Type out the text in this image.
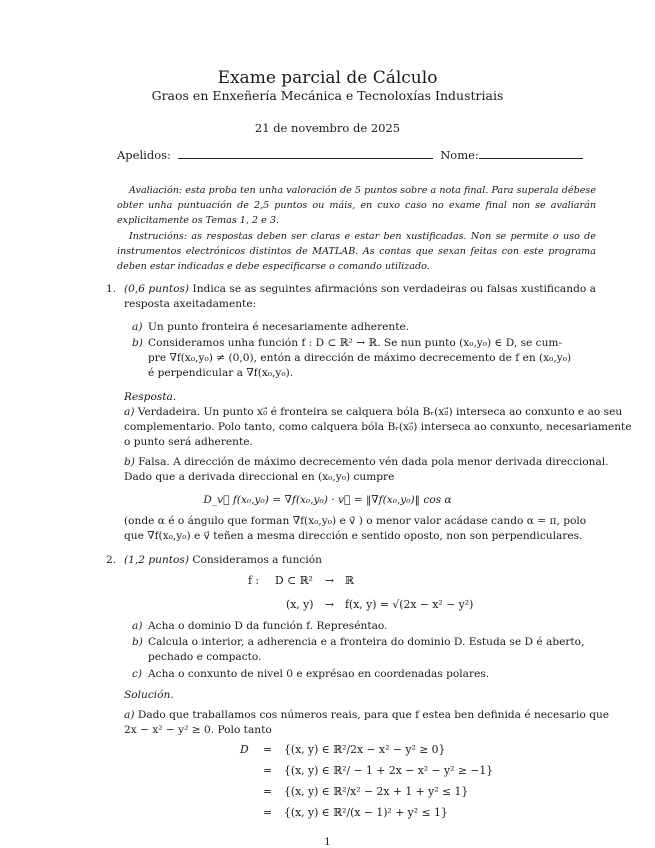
Exame parcial de Cálculo
Graos en Enxeñería Mecánica e Tecnoloxías Industriais
21 de novembro de 2025
Apelidos:	Nome:
Avaliación: esta proba ten unha valoración de 5 puntos sobre a nota final. Para superala débese obter unha puntuación de 2,5 puntos ou máis, en cuxo caso no exame final non se avaliarán explicitamente os Temas 1, 2 e 3.
Instrucións: as respostas deben ser claras e estar ben xustificadas. Non se permite o uso de instrumentos electrónicos distintos de MATLAB. As contas que sexan feitas con este programa deben estar indicadas e debe especificarse o comando utilizado.
1. (0,6 puntos) Indica se as seguintes afirmacións son verdadeiras ou falsas xustificando a resposta axeitadamente:
a) Un punto fronteira é necesariamente adherente.
b) Consideramos unha función f : D ⊂ ℝ² → ℝ. Se nun punto (x₀,y₀) ∈ D, se cum-
pre ∇f(x₀,y₀) ≠ (0,0), entón a dirección de máximo decrecemento de f en (x₀,y₀)
é perpendicular a ∇f(x₀,y₀).
Resposta.
a) Verdadeira. Un punto x₀⃗ é fronteira se calquera bóla Bᵣ(x₀⃗) interseca ao conxunto e ao seu
complementario. Polo tanto, como calquera bóla Bᵣ(x₀⃗) interseca ao conxunto, necesariamente
o punto será adherente.
b) Falsa. A dirección de máximo decrecemento vén dada pola menor derivada direccional.
Dado que a derivada direccional en (x₀,y₀) cumpre
D_v⃗ f(x₀,y₀) = ∇f(x₀,y₀) · v⃗ = ‖∇f(x₀,y₀)‖ cos α
(onde α é o ángulo que forman ∇f(x₀,y₀) e v⃗ ) o menor valor acádase cando α = π, polo
que ∇f(x₀,y₀) e v⃗ teñen a mesma dirección e sentido oposto, non son perpendiculares.
2. (1,2 puntos) Consideramos a función
f : D ⊂ ℝ² → ℝ
(x, y) → f(x, y) = √(2x − x² − y²)
a) Acha o dominio D da función f. Represéntao.
b) Calcula o interior, a adherencia e a fronteira do dominio D. Estuda se D é aberto,
pechado e compacto.
c) Acha o conxunto de nivel 0 e exprésao en coordenadas polares.
Solución.
a) Dado que traballamos cos números reais, para que f estea ben definida é necesario que
2x − x² − y² ≥ 0. Polo tanto
D = {(x, y) ∈ ℝ²/2x − x² − y² ≥ 0}
= {(x, y) ∈ ℝ²/ − 1 + 2x − x² − y² ≥ −1}
= {(x, y) ∈ ℝ²/x² − 2x + 1 + y² ≤ 1}
= {(x, y) ∈ ℝ²/(x − 1)² + y² ≤ 1}
1
